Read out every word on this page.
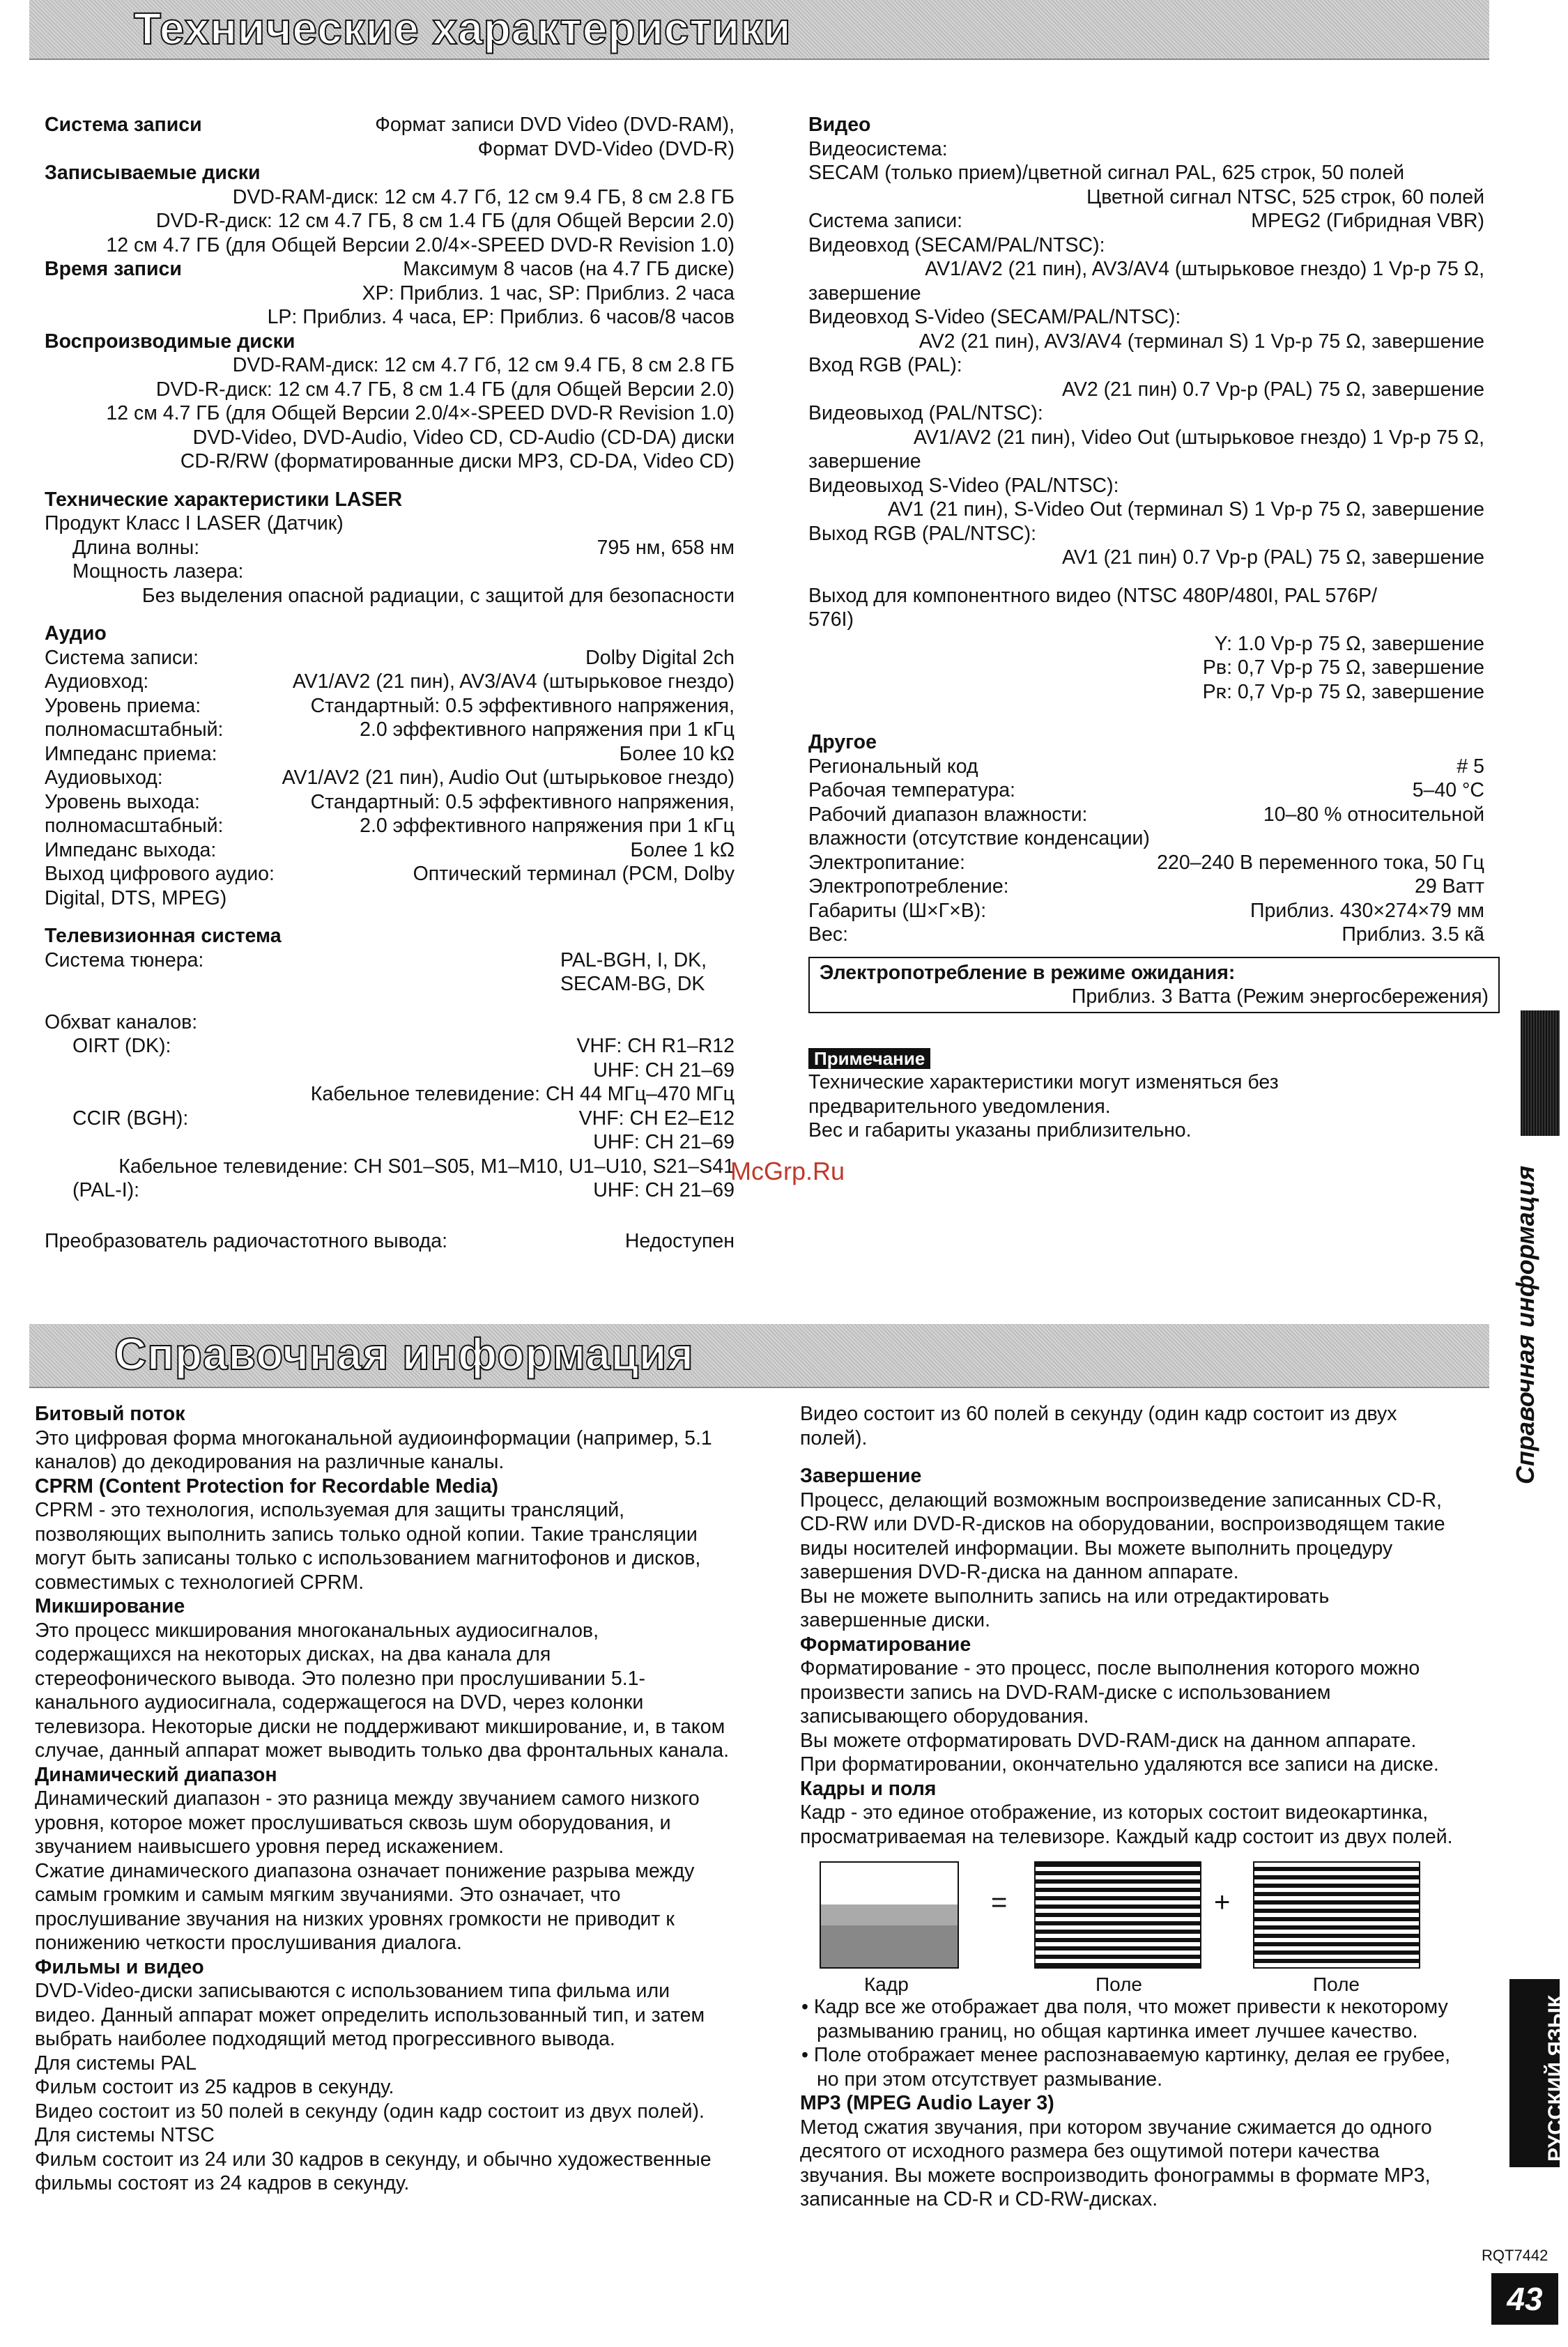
Технические характеристики
Справочная информация
Система записи	Формат записи DVD Video (DVD-RAM),
Формат DVD-Video (DVD-R)
Записываемые диски
DVD-RAM-диск: 12 см 4.7 Гб, 12 см 9.4 ГБ, 8 см 2.8 ГБ
DVD-R-диск: 12 см 4.7 ГБ, 8 см 1.4 ГБ (для Общей Версии 2.0)
12 см 4.7 ГБ (для Общей Версии 2.0/4×-SPEED DVD-R Revision 1.0)
Время записи	Максимум 8 часов (на 4.7 ГБ диске)
XP: Приблиз. 1 час, SP: Приблиз. 2 часа
LP: Приблиз. 4 часа, EP: Приблиз. 6 часов/8 часов
Воспроизводимые диски
DVD-RAM-диск: 12 см 4.7 Гб, 12 см 9.4 ГБ, 8 см 2.8 ГБ
DVD-R-диск: 12 см 4.7 ГБ, 8 см 1.4 ГБ (для Общей Версии 2.0)
12 см 4.7 ГБ (для Общей Версии 2.0/4×-SPEED DVD-R Revision 1.0)
DVD-Video, DVD-Audio, Video CD, CD-Audio (CD-DA) диски
CD-R/RW (форматированные диски MP3, CD-DA, Video CD)
Технические характеристики LASER
Продукт Класс I LASER (Датчик)
Длина волны:	795 нм, 658 нм
Мощность лазера:
Без выделения опасной радиации, с защитой для безопасности
Аудио
Система записи:	Dolby Digital 2ch
Аудиовход:	AV1/AV2 (21 пин), AV3/AV4 (штырьковое гнездо)
Уровень приема:	Стандартный: 0.5 эффективного напряжения,
полномасштабный:	2.0 эффективного напряжения при 1 кГц
Импеданс приема:	Более 10 kΩ
Аудиовыход:	AV1/AV2 (21 пин), Audio Out (штырьковое гнездо)
Уровень выхода:	Стандартный: 0.5 эффективного напряжения,
полномасштабный:	2.0 эффективного напряжения при 1 кГц
Импеданс выхода:	Более 1 kΩ
Выход цифрового аудио:	Оптический терминал (PCM, Dolby
Digital, DTS, MPEG)
Телевизионная система
Система тюнера:	PAL-BGH, I, DK,
SECAM-BG, DK
Обхват каналов:
OIRT (DK):	VHF: CH R1–R12
UHF: CH 21–69
Кабельное телевидение: CH 44 МГц–470 МГц
CCIR (BGH):	VHF: CH E2–E12
UHF: CH 21–69
Кабельное телевидение: CH S01–S05, M1–M10, U1–U10, S21–S41
(PAL-I):	UHF: CH 21–69
Преобразователь радиочастотного вывода:	Недоступен
Видео
Видеосистема:
SECAM (только прием)/цветной сигнал PAL, 625 строк, 50 полей
Цветной сигнал NTSC, 525 строк, 60 полей
Система записи:	MPEG2 (Гибридная VBR)
Видеовход (SECAM/PAL/NTSC):
AV1/AV2 (21 пин), AV3/AV4 (штырьковое гнездо) 1 Vp-p 75 Ω,
завершение
Видеовход S-Video (SECAM/PAL/NTSC):
AV2 (21 пин), AV3/AV4 (терминал S) 1 Vp-p 75 Ω, завершение
Вход RGB (PAL):
AV2 (21 пин) 0.7 Vp-p (PAL) 75 Ω, завершение
Видеовыход (PAL/NTSC):
AV1/AV2 (21 пин), Video Out (штырьковое гнездо) 1 Vp-p 75 Ω,
завершение
Видеовыход S-Video (PAL/NTSC):
AV1 (21 пин), S-Video Out (терминал S) 1 Vp-p 75 Ω, завершение
Выход RGB (PAL/NTSC):
AV1 (21 пин) 0.7 Vp-p (PAL) 75 Ω, завершение
Выход для компонентного видео (NTSC 480P/480I, PAL 576P/
576I)
Y: 1.0 Vp-p 75 Ω, завершение
Pʙ: 0,7 Vp-p 75 Ω, завершение
Pʀ: 0,7 Vp-p 75 Ω, завершение
Другое
Региональный код	# 5
Рабочая температура:	5–40 °C
Рабочий диапазон влажности:	10–80 % относительной
влажности (отсутствие конденсации)
Электропитание:	220–240 В переменного тока, 50 Гц
Электропотребление:	29 Ватт
Габариты (Ш×Г×В):	Приблиз. 430×274×79 мм
Вес:	Приблиз. 3.5 кã
Электропотребление в режиме ожидания:
Приблиз. 3 Ватта (Режим энергосбережения)
Примечание
Технические характеристики могут изменяться без
предварительного уведомления.
Вес и габариты указаны приблизительно.
Битовый поток
Это цифровая форма многоканальной аудиоинформации (например, 5.1 каналов) до декодирования на различные каналы.
CPRM (Content Protection for Recordable Media)
CPRM - это технология, используемая для защиты трансляций, позволяющих выполнить запись только одной копии. Такие трансляции могут быть записаны только с использованием магнитофонов и дисков, совместимых с технологией CPRM.
Микширование
Это процесс микширования многоканальных аудиосигналов, содержащихся на некоторых дисках, на два канала для стереофонического вывода. Это полезно при прослушивании 5.1-канального аудиосигнала, содержащегося на DVD, через колонки телевизора. Некоторые диски не поддерживают микширование, и, в таком случае, данный аппарат может выводить только два фронтальных канала.
Динамический диапазон
Динамический диапазон - это разница между звучанием самого низкого уровня, которое может прослушиваться сквозь шум оборудования, и звучанием наивысшего уровня перед искажением.
Сжатие динамического диапазона означает понижение разрыва между самым громким и самым мягким звучаниями. Это означает, что прослушивание звучания на низких уровнях громкости не приводит к понижению четкости прослушивания диалога.
Фильмы и видео
DVD-Video-диски записываются с использованием типа фильма или видео. Данный аппарат может определить использованный тип, и затем выбрать наиболее подходящий метод прогрессивного вывода.
Для системы PAL
Фильм состоит из 25 кадров в секунду.
Видео состоит из 50 полей в секунду (один кадр состоит из двух полей).
Для системы NTSC
Фильм состоит из 24 или 30 кадров в секунду, и обычно художественные фильмы состоят из 24 кадров в секунду.
Видео состоит из 60 полей в секунду (один кадр состоит из двух полей).
Завершение
Процесс, делающий возможным воспроизведение записанных CD-R, CD-RW или DVD-R-дисков на оборудовании, воспроизводящем такие виды носителей информации. Вы можете выполнить процедуру завершения DVD-R-диска на данном аппарате.
Вы не можете выполнить запись на или отредактировать завершенные диски.
Форматирование
Форматирование - это процесс, после выполнения которого можно произвести запись на DVD-RAM-диске с использованием записывающего оборудования.
Вы можете отформатировать DVD-RAM-диск на данном аппарате. При форматировании, окончательно удаляются все записи на диске.
Кадры и поля
Кадр - это единое отображение, из которых состоит видеокартинка, просматриваемая на телевизоре. Каждый кадр состоит из двух полей.
=	+
Кадр	Поле	Поле
• Кадр все же отображает два поля, что может привести к некоторому размыванию границ, но общая картинка имеет лучшее качество.
• Поле отображает менее распознаваемую картинку, делая ее грубее, но при этом отсутствует размывание.
MP3 (MPEG Audio Layer 3)
Метод сжатия звучания, при котором звучание сжимается до одного десятого от исходного размера без ощутимой потери качества звучания. Вы можете воспроизводить фонограммы в формате MP3, записанные на CD-R и CD-RW-дисках.
Справочная информация
РУССКИЙ ЯЗЫК
McGrp.Ru
RQT7442
43
